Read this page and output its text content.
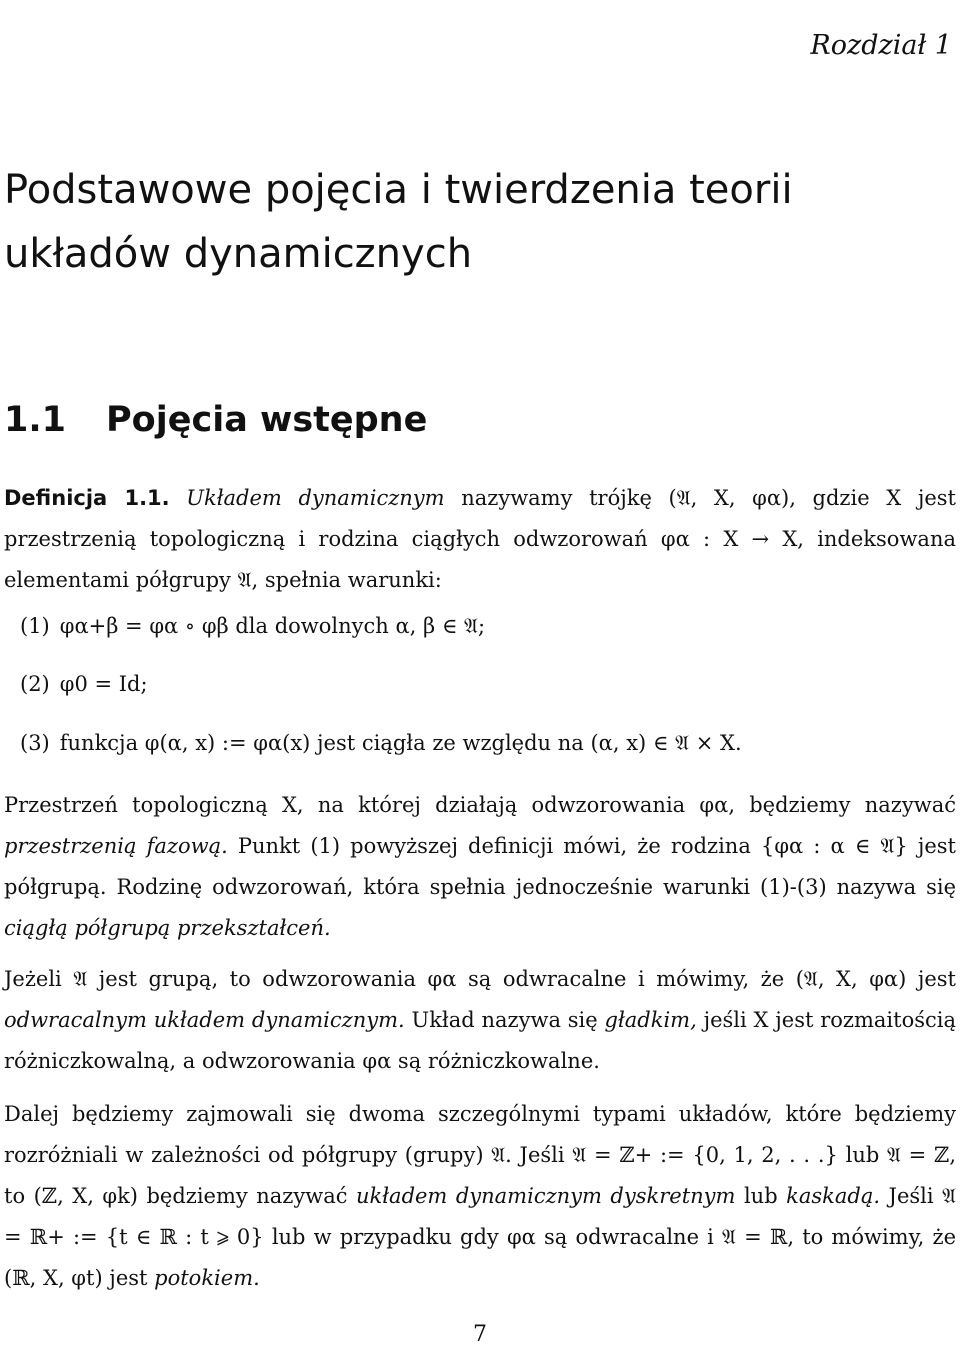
Rozdział 1
Podstawowe pojęcia i twierdzenia teorii układów dynamicznych
1.1 Pojęcia wstępne
Definicja 1.1. Układem dynamicznym nazywamy trójkę (𝔄, X, φα), gdzie X jest przestrzenią topologiczną i rodzina ciągłych odwzorowań φα : X → X, indeksowana elementami półgrupy 𝔄, spełnia warunki:
(1) φα+β = φα ∘ φβ dla dowolnych α, β ∈ 𝔄;
(2) φ0 = Id;
(3) funkcja φ(α, x) := φα(x) jest ciągła ze względu na (α, x) ∈ 𝔄 × X.
Przestrzeń topologiczną X, na której działają odwzorowania φα, będziemy nazywać przestrzenią fazową. Punkt (1) powyższej definicji mówi, że rodzina {φα : α ∈ 𝔄} jest półgrupą. Rodzinę odwzorowań, która spełnia jednocześnie warunki (1)-(3) nazywa się ciągłą półgrupą przekształceń.
Jeżeli 𝔄 jest grupą, to odwzorowania φα są odwracalne i mówimy, że (𝔄, X, φα) jest odwracalnym układem dynamicznym. Układ nazywa się gładkim, jeśli X jest rozmaitością różniczkowalną, a odwzorowania φα są różniczkowalne.
Dalej będziemy zajmowali się dwoma szczególnymi typami układów, które będziemy rozróżniali w zależności od półgrupy (grupy) 𝔄. Jeśli 𝔄 = ℤ+ := {0, 1, 2, . . .} lub 𝔄 = ℤ, to (ℤ, X, φk) będziemy nazywać układem dynamicznym dyskretnym lub kaskadą. Jeśli 𝔄 = ℝ+ := {t ∈ ℝ : t ⩾ 0} lub w przypadku gdy φα są odwracalne i 𝔄 = ℝ, to mówimy, że (ℝ, X, φt) jest potokiem.
7
